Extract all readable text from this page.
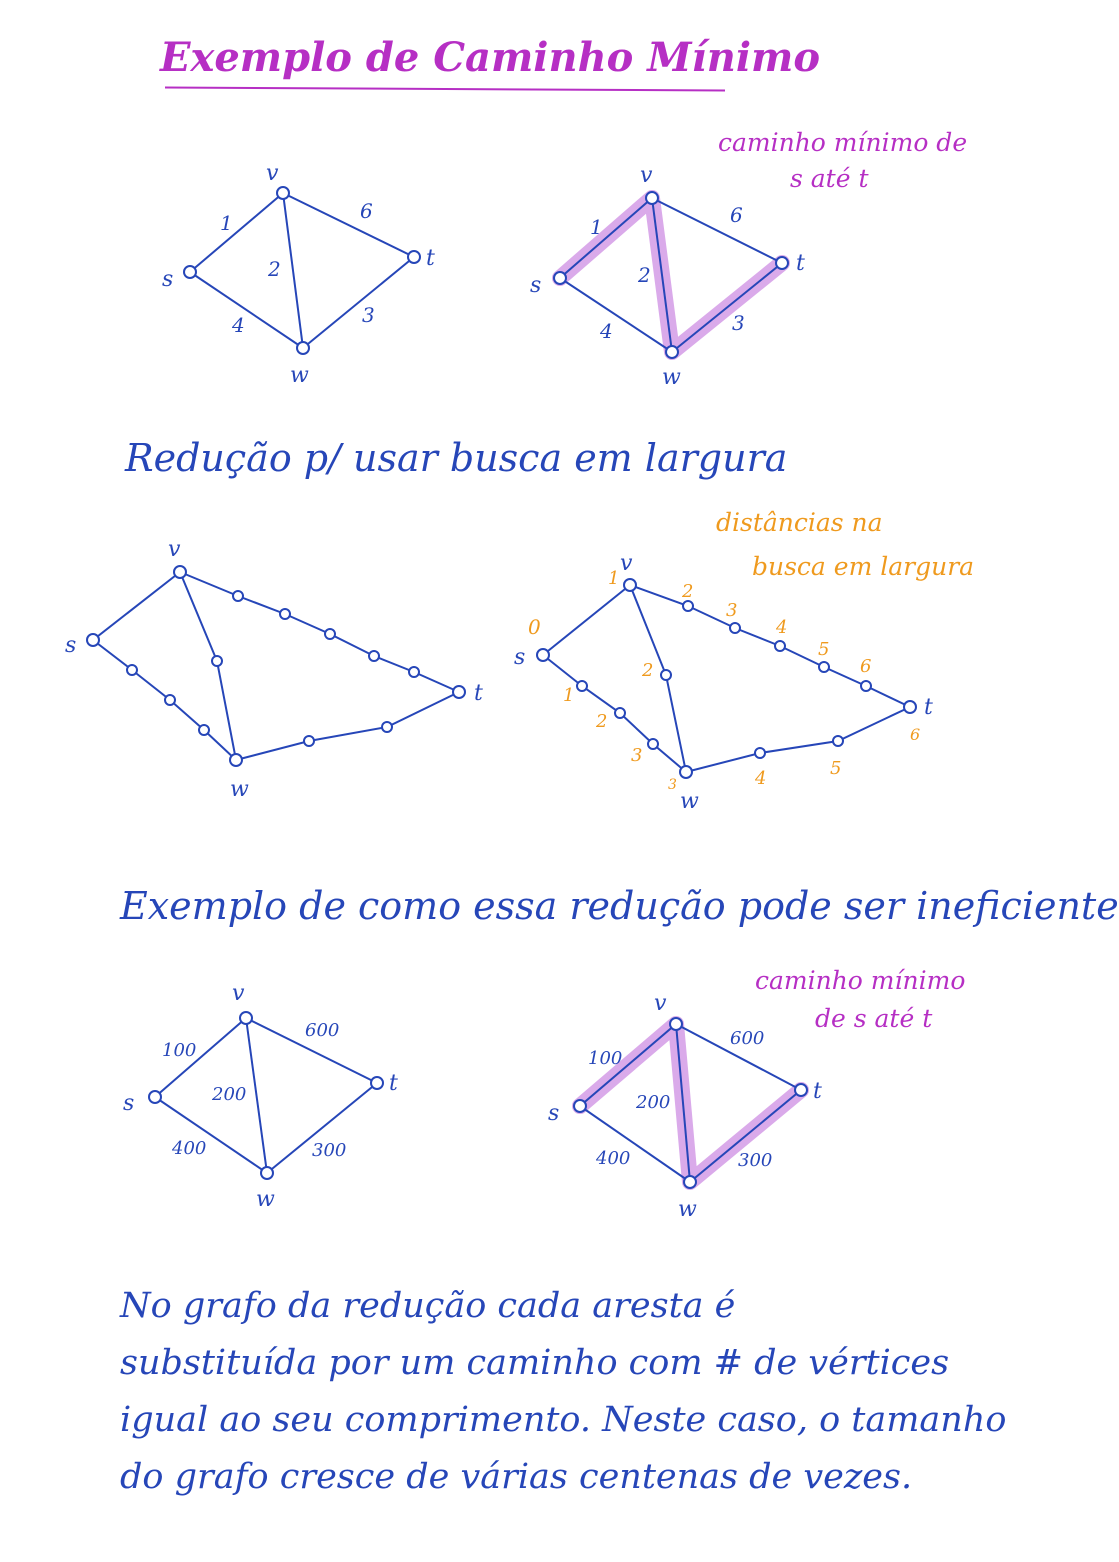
Exemplo de Caminho Mínimo
s
v
t
w
1	6
2
4	3
s
v
t
w
1	6
2
4	3

caminho mínimo de

s até t

Redução p/ usar busca em largura

distâncias na

busca em largura

s
v
t
w
s
v
t
w
0
1
2
3
4
5
6
2
1
2
3
3	4	5
6

Exemplo de como essa redução pode ser ineficiente

caminho mínimo

de s até t

s
v
t
w
100
600
200
400	300
s
v
t
w
100
600
200
400	300

No grafo da redução cada aresta é
substituída por um caminho com # de vértices
igual ao seu comprimento. Neste caso, o tamanho
do grafo cresce de várias centenas de vezes.
